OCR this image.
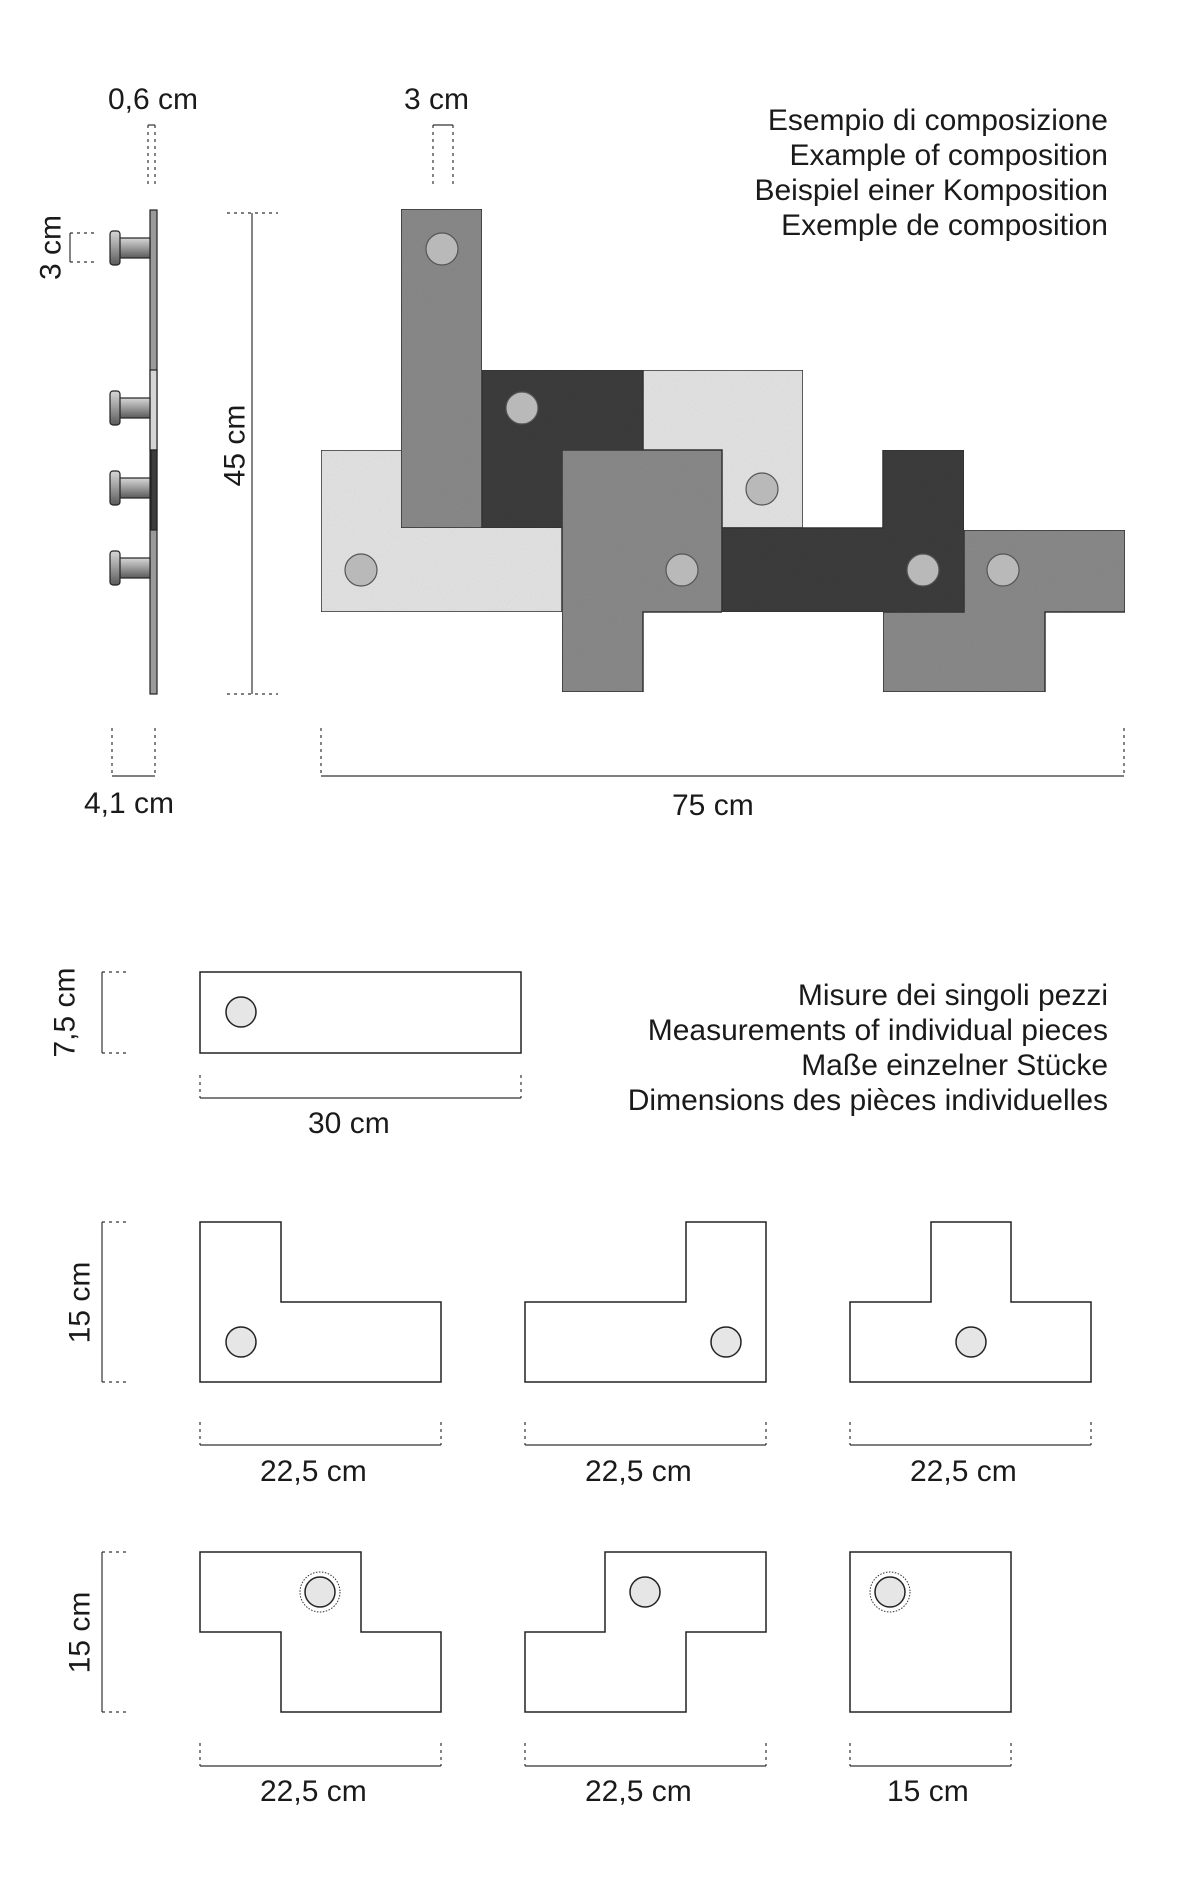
0,6 cm	3 cm
3 cm
45 cm
4,1 cm	75 cm
Esempio di composizione
Example of composition
Beispiel einer Komposition
Exemple de composition
Misure dei singoli pezzi
Measurements of individual pieces
Maße einzelner Stücke
Dimensions des pièces individuelles
7,5 cm
30 cm
15 cm
22,5 cm	22,5 cm	22,5 cm
15 cm
22,5 cm	22,5 cm	15 cm
